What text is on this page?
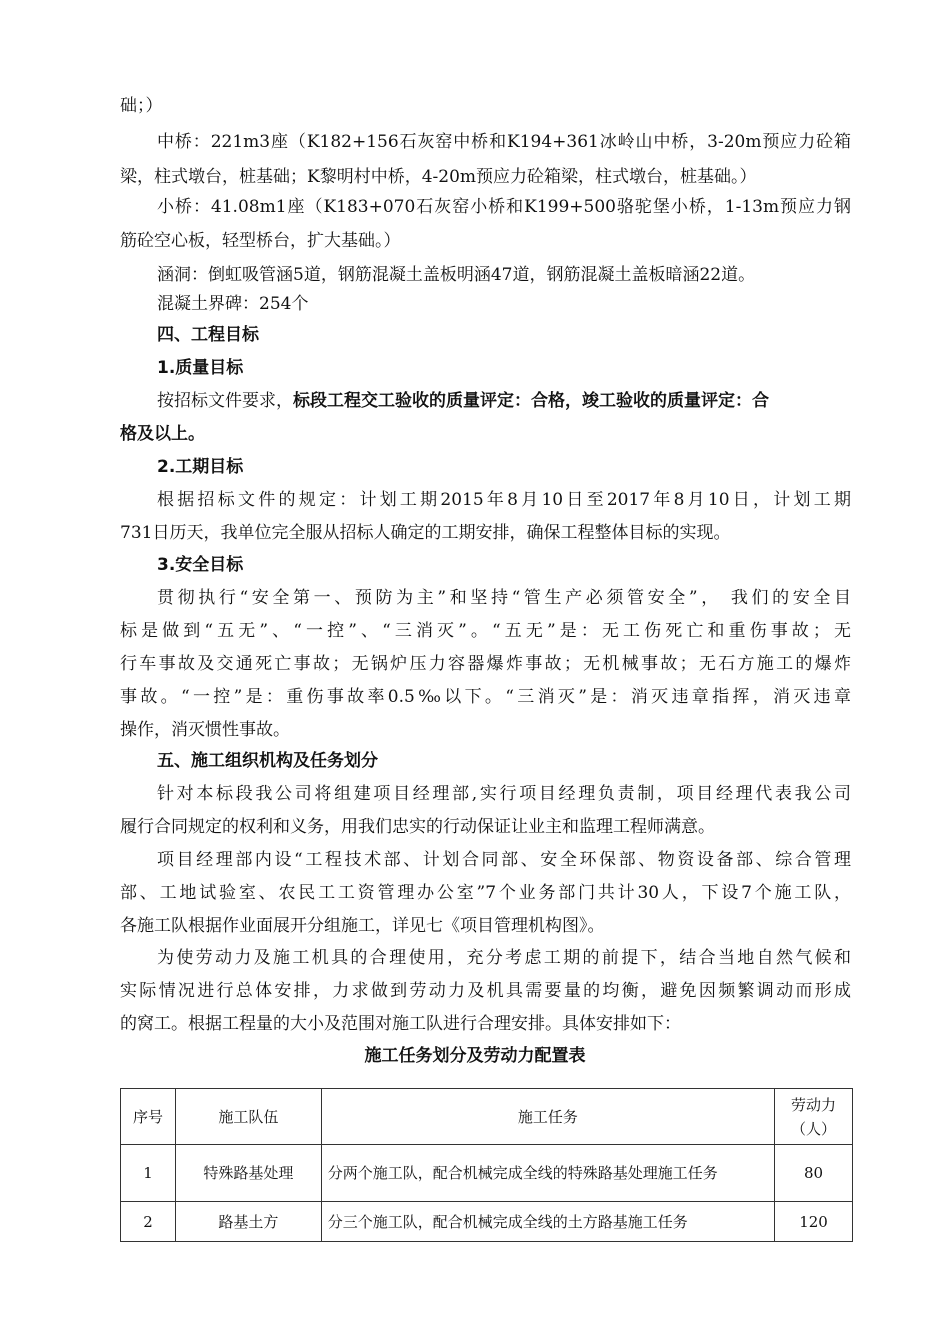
础；）
中桥：221m3座（K182+156石灰窑中桥和K194+361冰岭山中桥，3-20m预应力砼箱
梁，柱式墩台，桩基础；K黎明村中桥，4-20m预应力砼箱梁，柱式墩台，桩基础。）
小桥：41.08m1座（K183+070石灰窑小桥和K199+500骆驼堡小桥，1-13m预应力钢
筋砼空心板，轻型桥台，扩大基础。）
涵洞：倒虹吸管涵5道，钢筋混凝土盖板明涵47道，钢筋混凝土盖板暗涵22道。
混凝土界碑：254个
四、工程目标
1.质量目标
按招标文件要求，标段工程交工验收的质量评定：合格，竣工验收的质量评定：合
格及以上。
2.工期目标
根据招标文件的规定：计划工期2015年8月10日至2017年8月10日，计划工期
731日历天，我单位完全服从招标人确定的工期安排，确保工程整体目标的实现。
3.安全目标
贯彻执行“安全第一、预防为主”和坚持“管生产必须管安全”， 我们的安全目
标是做到“五无”、“一控”、“三消灭”。“五无”是：无工伤死亡和重伤事故；无
行车事故及交通死亡事故；无锅炉压力容器爆炸事故；无机械事故；无石方施工的爆炸
事故。“一控”是：重伤事故率0.5‰以下。“三消灭”是：消灭违章指挥，消灭违章
操作，消灭惯性事故。
五、施工组织机构及任务划分
针对本标段我公司将组建项目经理部,实行项目经理负责制，项目经理代表我公司
履行合同规定的权利和义务，用我们忠实的行动保证让业主和监理工程师满意。
项目经理部内设“工程技术部、计划合同部、安全环保部、物资设备部、综合管理
部、工地试验室、农民工工资管理办公室”7个业务部门共计30人，下设7个施工队，
各施工队根据作业面展开分组施工，详见七《项目管理机构图》。
为使劳动力及施工机具的合理使用，充分考虑工期的前提下，结合当地自然气候和
实际情况进行总体安排，力求做到劳动力及机具需要量的均衡，避免因频繁调动而形成
的窝工。根据工程量的大小及范围对施工队进行合理安排。具体安排如下：
施工任务划分及劳动力配置表
序号	施工队伍	施工任务	劳动力（人）
1	特殊路基处理	分两个施工队，配合机械完成全线的特殊路基处理施工任务	80
2	路基土方	分三个施工队，配合机械完成全线的土方路基施工任务	120
